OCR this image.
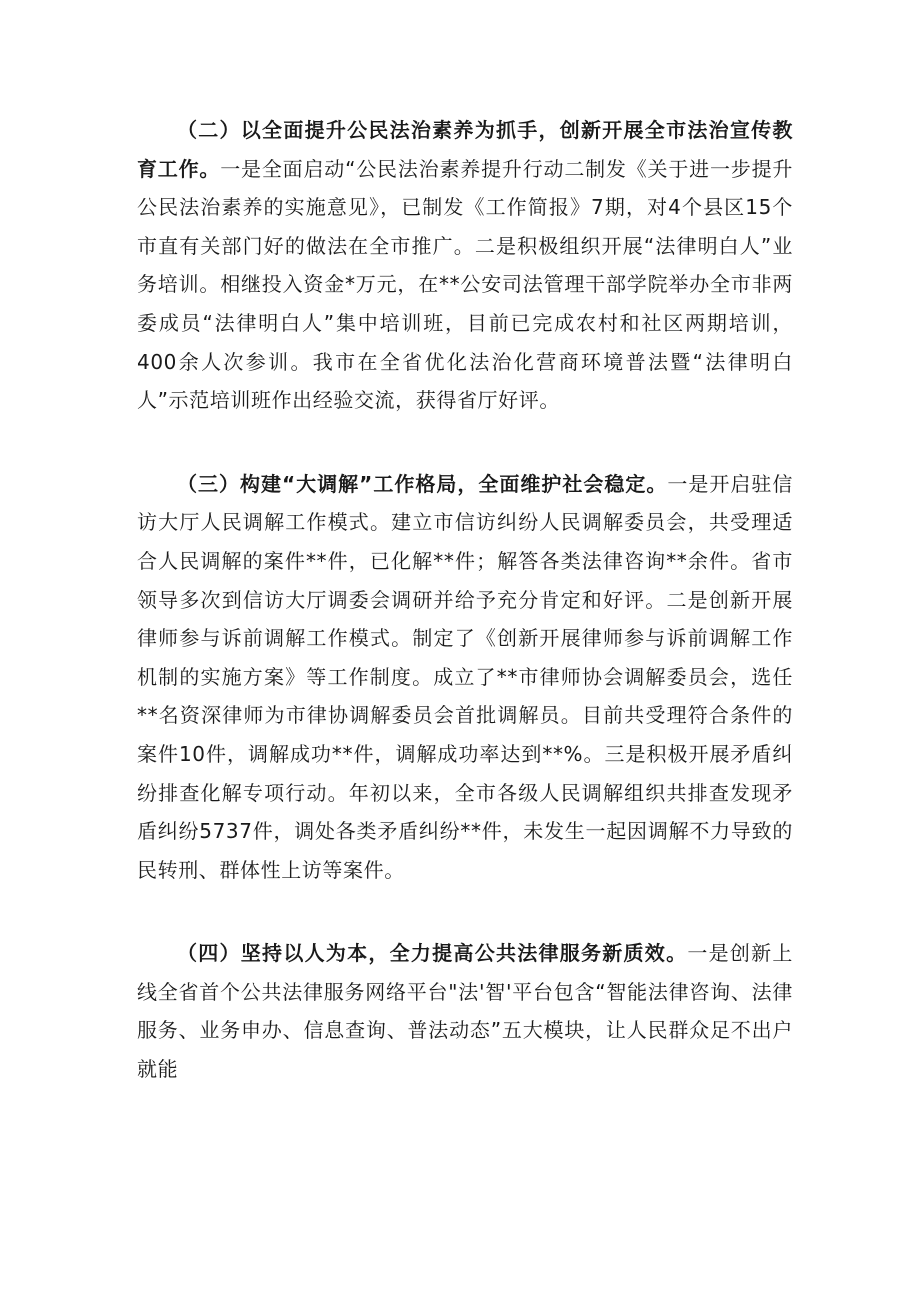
（二）以全面提升公民法治素养为抓手，创新开展全市法治宣传教育工作。一是全面启动“公民法治素养提升行动二制发《关于进一步提升公民法治素养的实施意见》，已制发《工作简报》7期，对4个县区15个市直有关部门好的做法在全市推广。二是积极组织开展“法律明白人”业务培训。相继投入资金*万元，在**公安司法管理干部学院举办全市非两委成员“法律明白人”集中培训班，目前已完成农村和社区两期培训，400余人次参训。我市在全省优化法治化营商环境普法暨“法律明白人”示范培训班作出经验交流，获得省厅好评。

（三）构建“大调解”工作格局，全面维护社会稳定。一是开启驻信访大厅人民调解工作模式。建立市信访纠纷人民调解委员会，共受理适合人民调解的案件**件，已化解**件；解答各类法律咨询**余件。省市领导多次到信访大厅调委会调研并给予充分肯定和好评。二是创新开展律师参与诉前调解工作模式。制定了《创新开展律师参与诉前调解工作机制的实施方案》等工作制度。成立了**市律师协会调解委员会，选任**名资深律师为市律协调解委员会首批调解员。目前共受理符合条件的案件10件，调解成功**件，调解成功率达到**%。三是积极开展矛盾纠纷排查化解专项行动。年初以来，全市各级人民调解组织共排查发现矛盾纠纷5737件，调处各类矛盾纠纷**件，未发生一起因调解不力导致的民转刑、群体性上访等案件。

（四）坚持以人为本，全力提高公共法律服务新质效。一是创新上线全省首个公共法律服务网络平台"法'智'平台包含“智能法律咨询、法律服务、业务申办、信息查询、普法动态”五大模块，让人民群众足不出户就能
